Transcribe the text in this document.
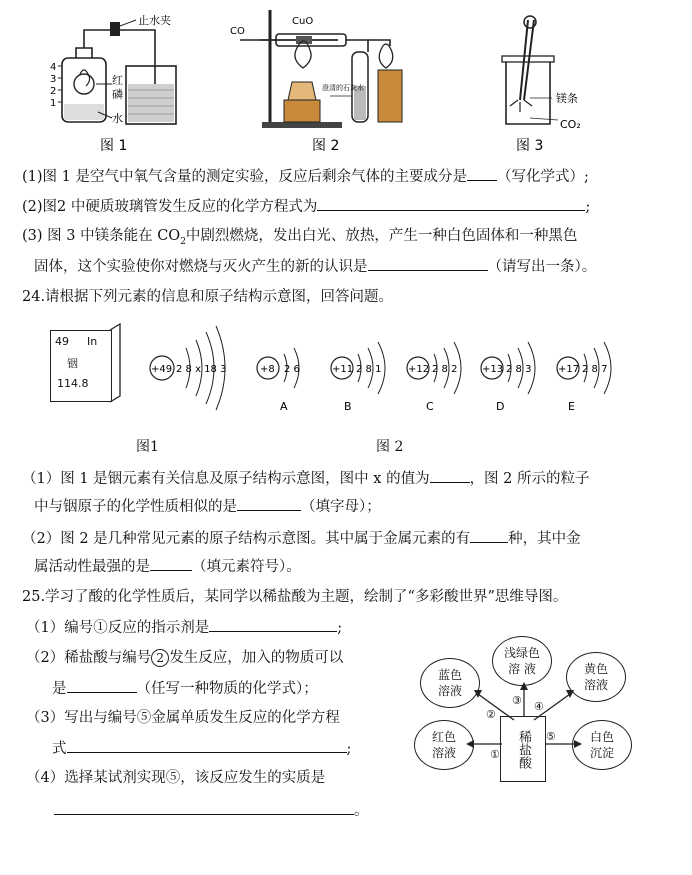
止水夹
红
磷
水
4
3
2
1
图 1
CO
CuO
澄清的石灰水
图 2
镁条
CO₂
图 3
(1)图 1 是空气中氧气含量的测定实验，反应后剩余气体的主要成分是 （写化学式）;
(2)图2 中硬质玻璃管发生反应的化学方程式为	;
(3) 图 3 中镁条能在 $CO_2$中剧烈燃烧，发出白光、放热，产生一种白色固体和一种黑色
固体，这个实验使你对燃烧与灭火产生的新的认识是	（请写出一条）。
24.请根据下列元素的信息和原子结构示意图，回答问题。
49 In
铟
114.8
+49 2 8 x 18 3	+8 2 6
A
+11 2 8 1
B
+12 2 8 2
C
+13 2 8 3
D
+17 2 8 7
E
图1	图 2
（1）图 1 是铟元素有关信息及原子结构示意图，图中 x 的值为	，图 2 所示的粒子
中与铟原子的化学性质相似的是	（填字母）；
（2）图 2 是几种常见元素的原子结构示意图。其中属于金属元素的有	种，其中金
属活动性最强的是	（填元素符号）。
25.学习了酸的化学性质后，某同学以稀盐酸为主题，绘制了“多彩酸世界”思维导图。
（1）编号①反应的指示剂是	;
（2）稀盐酸与编号 2 发生反应，加入的物质可以
是	（任写一种物质的化学式）；
（3）写出与编号⑤金属单质发生反应的化学方程
式	;
（4）选择某试剂实现⑤，该反应发生的实质是
。
稀盐酸
浅绿色
溶 液
蓝色
溶液
黄色
溶液
红色
溶液
白色
沉淀
③
②
④
①
⑤
